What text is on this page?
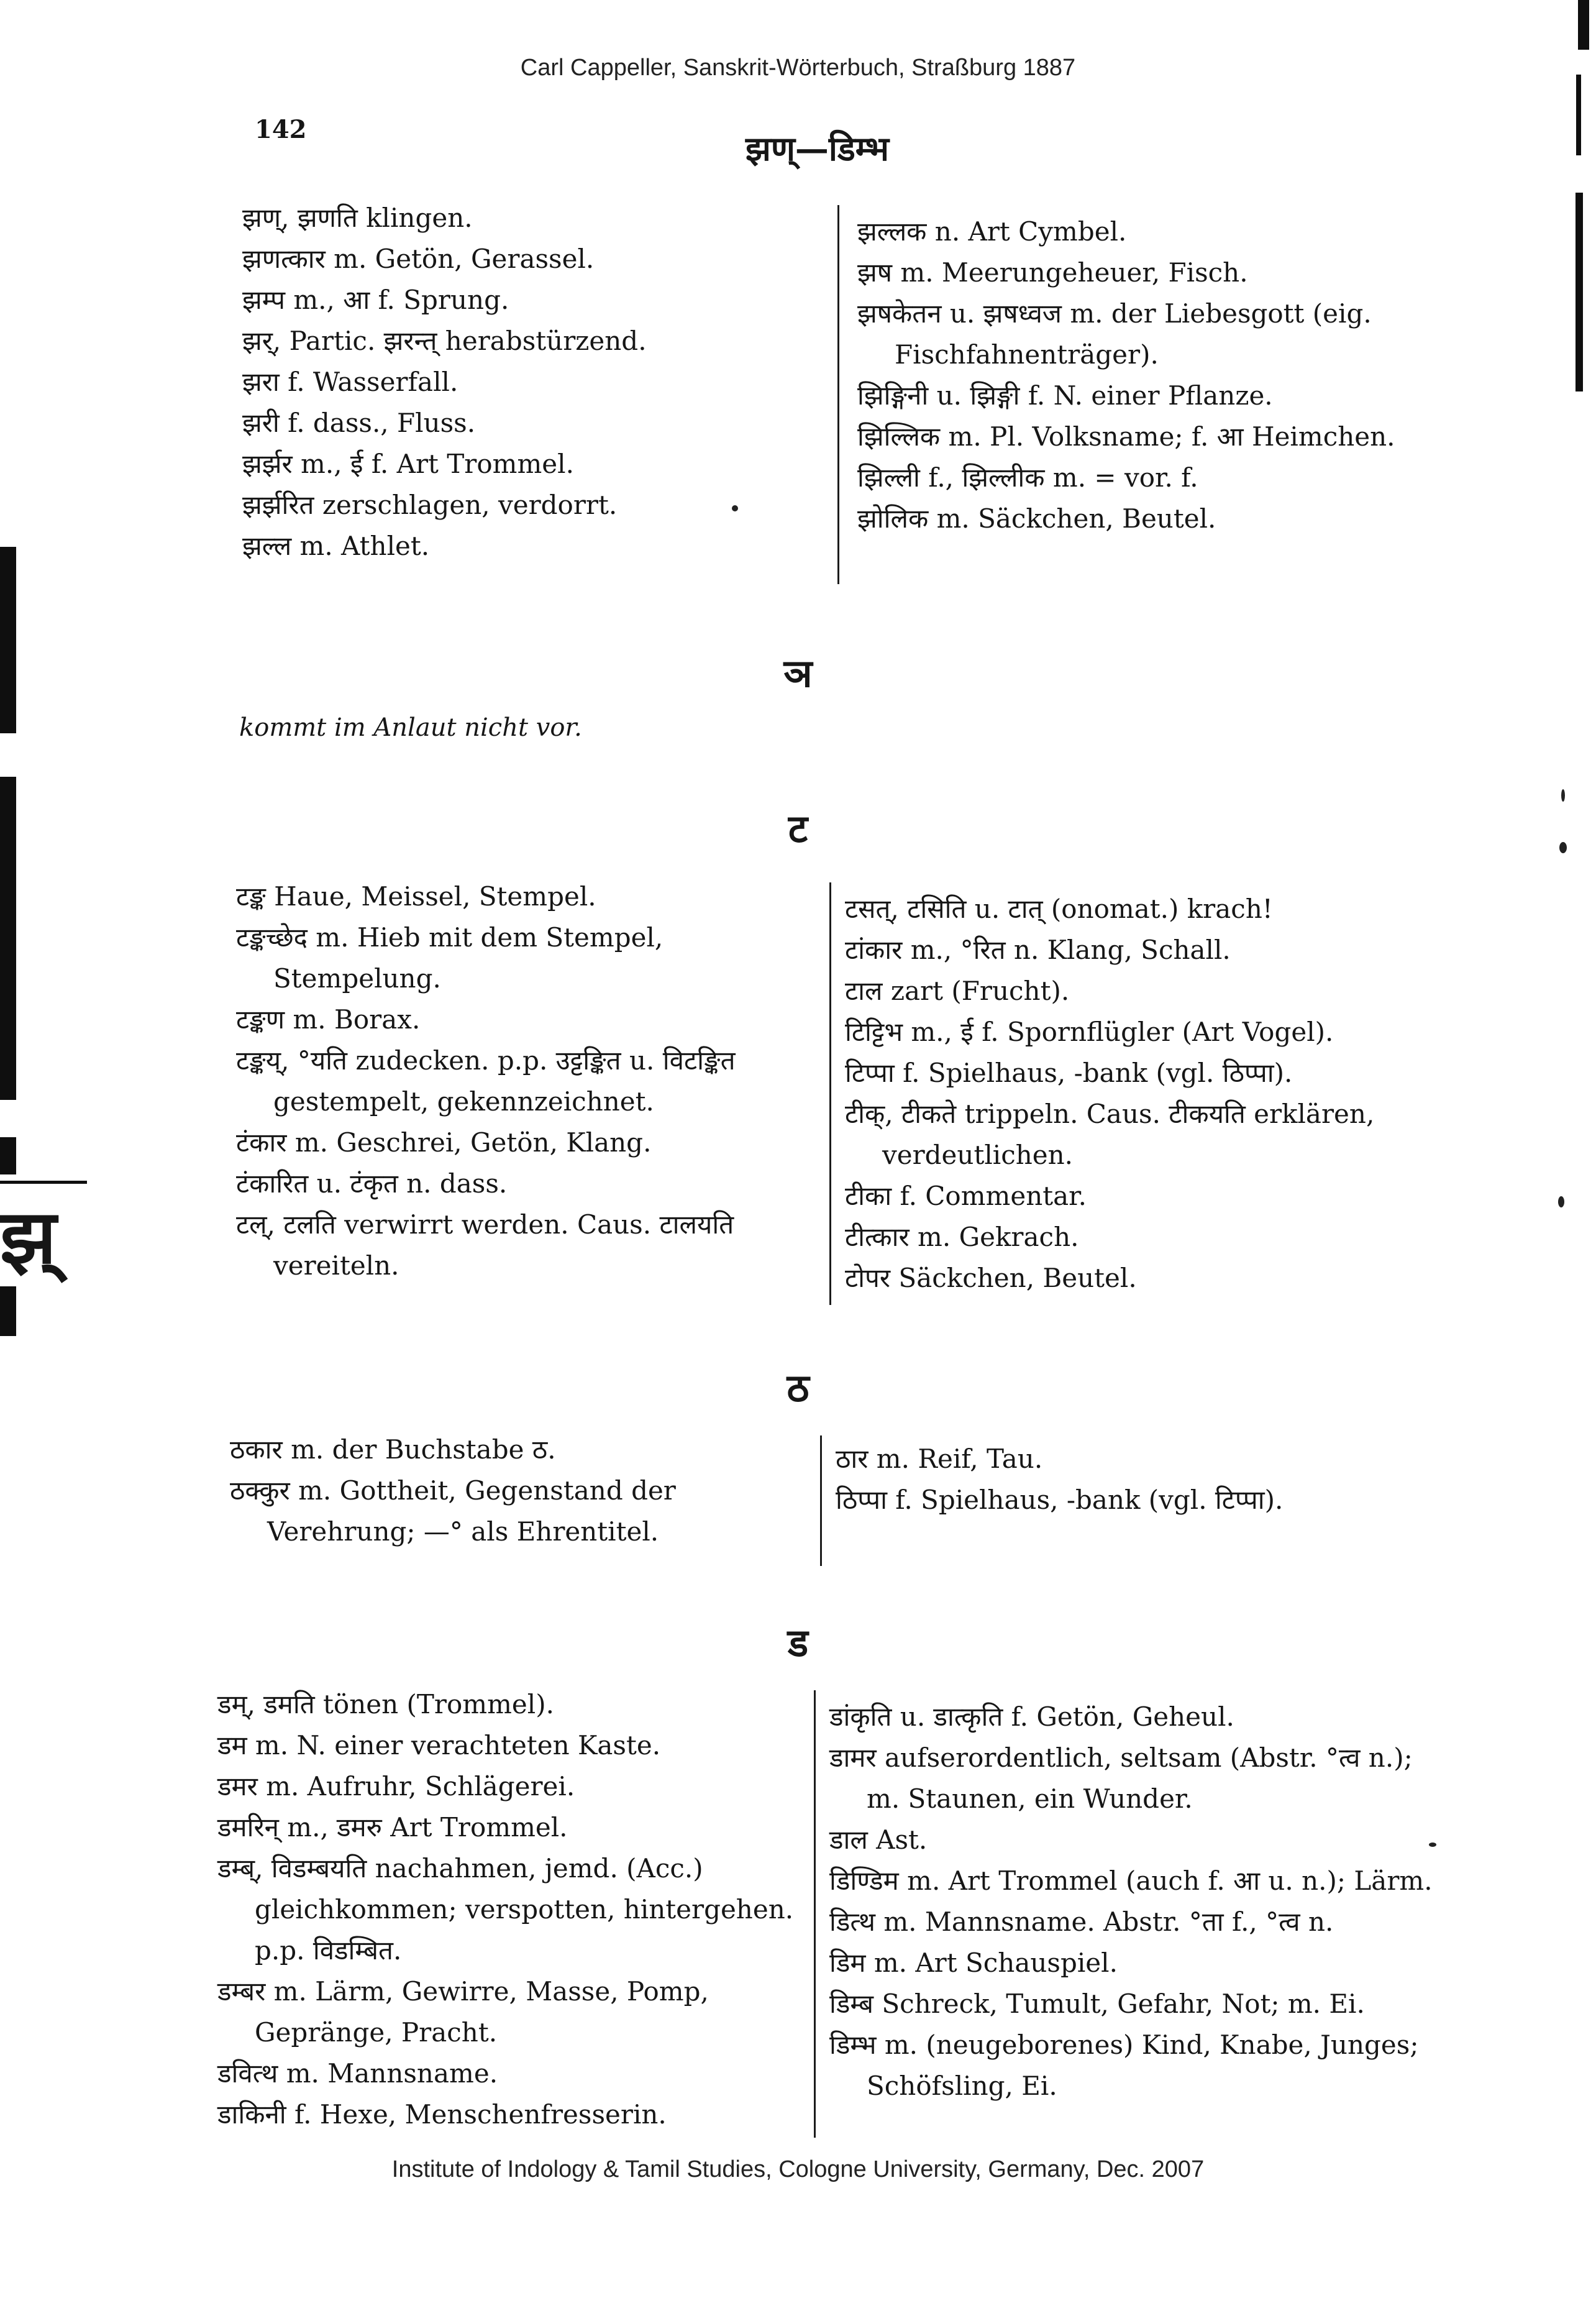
Carl Cappeller, Sanskrit-Wörterbuch, Straßburg 1887
142	झण्—डिम्भ
Institute of Indology & Tamil Studies, Cologne University, Germany, Dec. 2007

झण्, झणति klingen.

झणत्कार m. Getön, Gerassel.

झम्प m., आ f. Sprung.

झर्, Partic. झरन्त् herabstürzend.

झरा f. Wasserfall.

झरी f. dass., Fluss.

झर्झर m., ई f. Art Trommel.

झर्झरित zerschlagen, verdorrt.

झल्ल m. Athlet.

झल्लक n. Art Cymbel.

झष m. Meerungeheuer, Fisch.

झषकेतन u. झषध्वज m. der Liebesgott (eig. Fischfahnenträger).

झिङ्गिनी u. झिङ्गी f. N. einer Pflanze.

झिल्लिक m. Pl. Volksname; f. आ Heimchen.

झिल्ली f., झिल्लीक m. = vor. f.

झोलिक m. Säckchen, Beutel.

ञ
kommt im Anlaut nicht vor.
ट

टङ्क Haue, Meissel, Stempel.

टङ्कच्छेद m. Hieb mit dem Stempel, Stempelung.

टङ्कण m. Borax.

टङ्कय्, °यति zudecken. p.p. उट्टङ्कित u. विटङ्कित gestempelt, gekennzeichnet.

टंकार m. Geschrei, Getön, Klang.

टंकारित u. टंकृत n. dass.

टल्, टलति verwirrt werden. Caus. टालयति vereiteln.

टसत्, टसिति u. टात् (onomat.) krach!

टांकार m., °रित n. Klang, Schall.

टाल zart (Frucht).

टिट्टिभ m., ई f. Spornflügler (Art Vogel).

टिप्पा f. Spielhaus, -bank (vgl. ठिप्पा).

टीक्, टीकते trippeln. Caus. टीकयति erklären, verdeutlichen.

टीका f. Commentar.

टीत्कार m. Gekrach.

टोपर Säckchen, Beutel.

ठ

ठकार m. der Buchstabe ठ.

ठक्कुर m. Gottheit, Gegenstand der Verehrung; —° als Ehrentitel.

ठार m. Reif, Tau.

ठिप्पा f. Spielhaus, -bank (vgl. टिप्पा).

ड

डम्, डमति tönen (Trommel).

डम m. N. einer verachteten Kaste.

डमर m. Aufruhr, Schlägerei.

डमरिन् m., डमरु Art Trommel.

डम्ब्, विडम्बयति nachahmen, jemd. (Acc.) gleichkommen; verspotten, hintergehen. p.p. विडम्बित.

डम्बर m. Lärm, Gewirre, Masse, Pomp, Gepränge, Pracht.

डवित्थ m. Mannsname.

डाकिनी f. Hexe, Menschenfresserin.

डांकृति u. डात्कृति f. Getön, Geheul.

डामर aufserordentlich, seltsam (Abstr. °त्व n.); m. Staunen, ein Wunder.

डाल Ast.

डिण्डिम m. Art Trommel (auch f. आ u. n.); Lärm.

डित्थ m. Mannsname. Abstr. °ता f., °त्व n.

डिम m. Art Schauspiel.

डिम्ब Schreck, Tumult, Gefahr, Not; m. Ei.

डिम्भ m. (neugeborenes) Kind, Knabe, Junges; Schöfsling, Ei.

झ्
